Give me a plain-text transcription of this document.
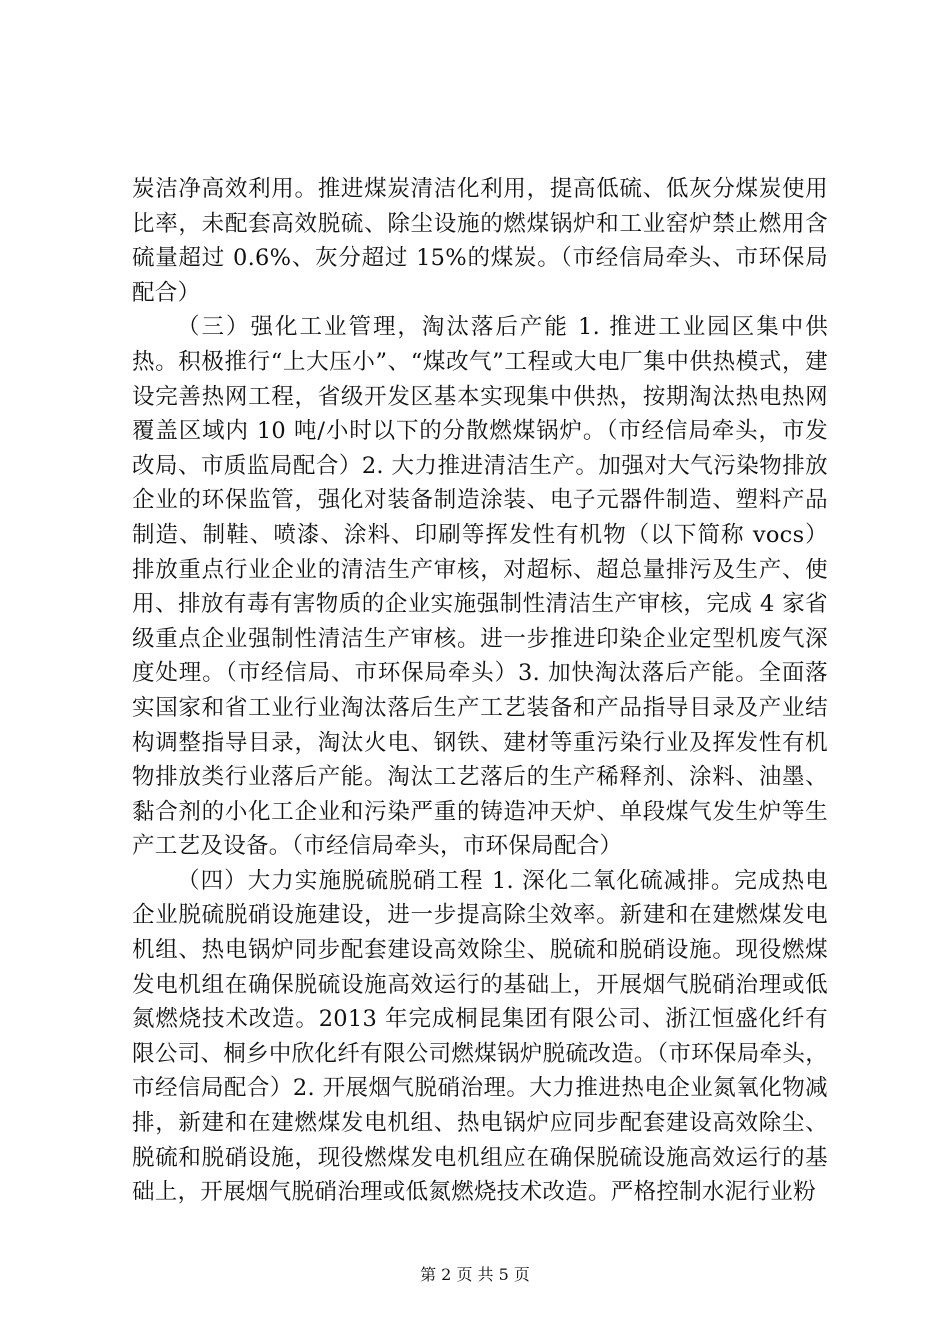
炭洁净高效利用。推进煤炭清洁化利用，提高低硫、低灰分煤炭使用比率，未配套高效脱硫、除尘设施的燃煤锅炉和工业窑炉禁止燃用含硫量超过 0.6%、灰分超过 15%的煤炭。（市经信局牵头、市环保局配合）

（三）强化工业管理，淘汰落后产能 1. 推进工业园区集中供热。积极推行“上大压小”、“煤改气”工程或大电厂集中供热模式，建设完善热网工程，省级开发区基本实现集中供热，按期淘汰热电热网覆盖区域内 10 吨/小时以下的分散燃煤锅炉。（市经信局牵头，市发改局、市质监局配合）2. 大力推进清洁生产。加强对大气污染物排放企业的环保监管，强化对装备制造涂装、电子元器件制造、塑料产品制造、制鞋、喷漆、涂料、印刷等挥发性有机物（以下简称 vocs）排放重点行业企业的清洁生产审核，对超标、超总量排污及生产、使用、排放有毒有害物质的企业实施强制性清洁生产审核，完成 4 家省级重点企业强制性清洁生产审核。进一步推进印染企业定型机废气深度处理。（市经信局、市环保局牵头）3. 加快淘汰落后产能。全面落实国家和省工业行业淘汰落后生产工艺装备和产品指导目录及产业结构调整指导目录，淘汰火电、钢铁、建材等重污染行业及挥发性有机物排放类行业落后产能。淘汰工艺落后的生产稀释剂、涂料、油墨、黏合剂的小化工企业和污染严重的铸造冲天炉、单段煤气发生炉等生产工艺及设备。（市经信局牵头，市环保局配合）

（四）大力实施脱硫脱硝工程 1. 深化二氧化硫减排。完成热电企业脱硫脱硝设施建设，进一步提高除尘效率。新建和在建燃煤发电机组、热电锅炉同步配套建设高效除尘、脱硫和脱硝设施。现役燃煤发电机组在确保脱硫设施高效运行的基础上，开展烟气脱硝治理或低氮燃烧技术改造。2013 年完成桐昆集团有限公司、浙江恒盛化纤有限公司、桐乡中欣化纤有限公司燃煤锅炉脱硫改造。（市环保局牵头，市经信局配合）2. 开展烟气脱硝治理。大力推进热电企业氮氧化物减排，新建和在建燃煤发电机组、热电锅炉应同步配套建设高效除尘、脱硫和脱硝设施，现役燃煤发电机组应在确保脱硫设施高效运行的基础上，开展烟气脱硝治理或低氮燃烧技术改造。严格控制水泥行业粉

第 2 页 共 5 页
